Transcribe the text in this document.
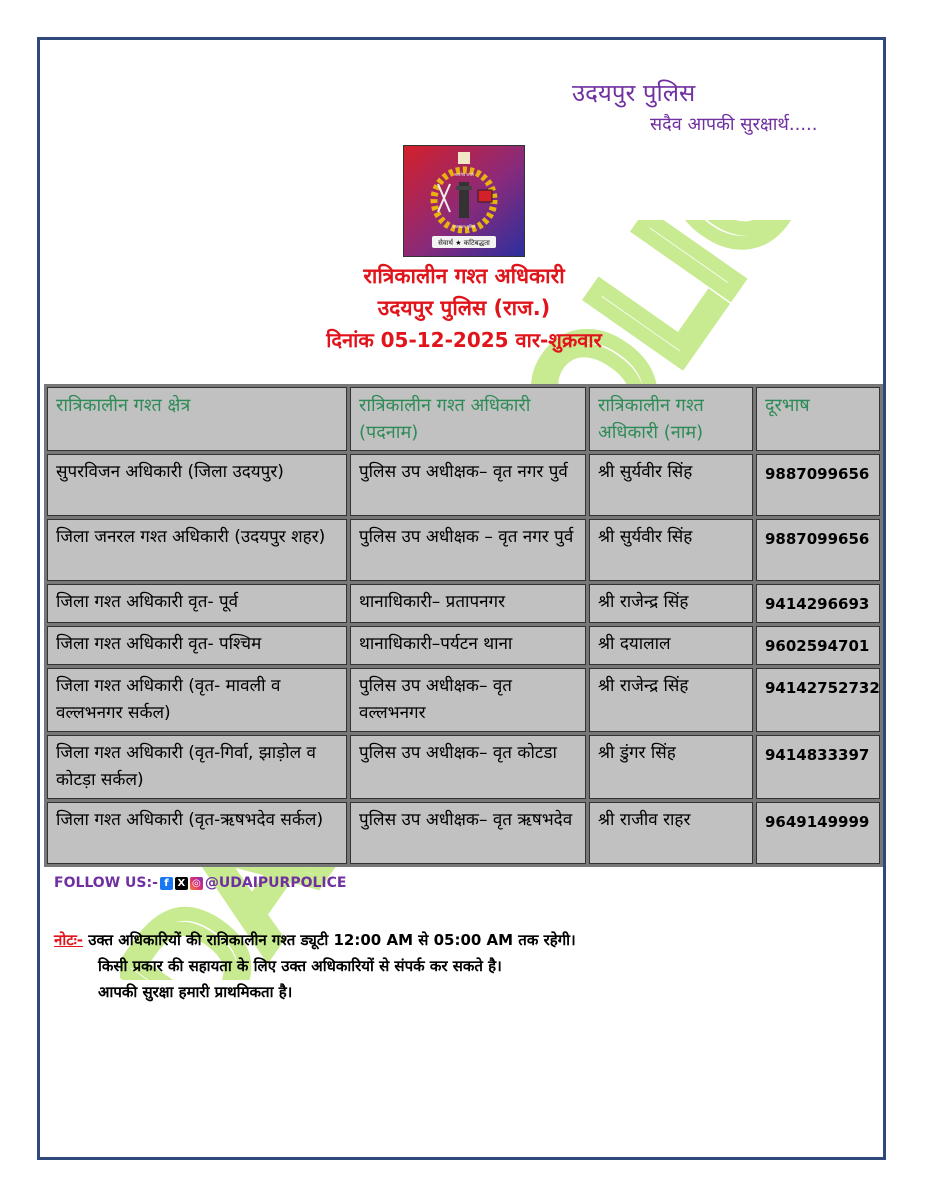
उदयपुर पुलिस
सदैव आपकी सुरक्षार्थ.....
सत्यमेव जयते
राजस्थान पुलिस
सेवार्थ ★ कटिबद्धता
रात्रिकालीन गश्त अधिकारी
उदयपुर पुलिस (राज.)
दिनांक 05-12-2025 वार-शुक्रवार
रात्रिकालीन गश्त क्षेत्र	रात्रिकालीन गश्त अधिकारी (पदनाम)	रात्रिकालीन गश्त अधिकारी (नाम)	दूरभाष
सुपरविजन अधिकारी (जिला उदयपुर)	पुलिस उप अधीक्षक– वृत नगर पुर्व	श्री सुर्यवीर सिंह	9887099656
जिला जनरल गश्त अधिकारी (उदयपुर शहर)	पुलिस उप अधीक्षक – वृत नगर पुर्व	श्री सुर्यवीर सिंह	9887099656
जिला गश्त अधिकारी वृत- पूर्व	थानाधिकारी– प्रतापनगर	श्री राजेन्द्र सिंह	9414296693
जिला गश्त अधिकारी वृत- पश्चिम	थानाधिकारी–पर्यटन थाना	श्री दयालाल	9602594701
जिला गश्त अधिकारी (वृत- मावली व वल्लभनगर सर्कल)	पुलिस उप अधीक्षक– वृत वल्लभनगर	श्री राजेन्द्र सिंह	94142752732
जिला गश्त अधिकारी (वृत-गिर्वा, झाड़ोल व कोटड़ा सर्कल)	पुलिस उप अधीक्षक– वृत कोटडा	श्री डुंगर सिंह	9414833397
जिला गश्त अधिकारी (वृत-ऋषभदेव सर्कल)	पुलिस उप अधीक्षक– वृत ऋषभदेव	श्री राजीव राहर	9649149999
FOLLOW US:- f X ◎ @UDAIPURPOLICE
नोटः- उक्त अधिकारियों की रात्रिकालीन गश्त ड्यूटी 12:00 AM से 05:00 AM तक रहेगी।
किसी प्रकार की सहायता के लिए उक्त अधिकारियों से संपर्क कर सकते है।
आपकी सुरक्षा हमारी प्राथमिकता है।
